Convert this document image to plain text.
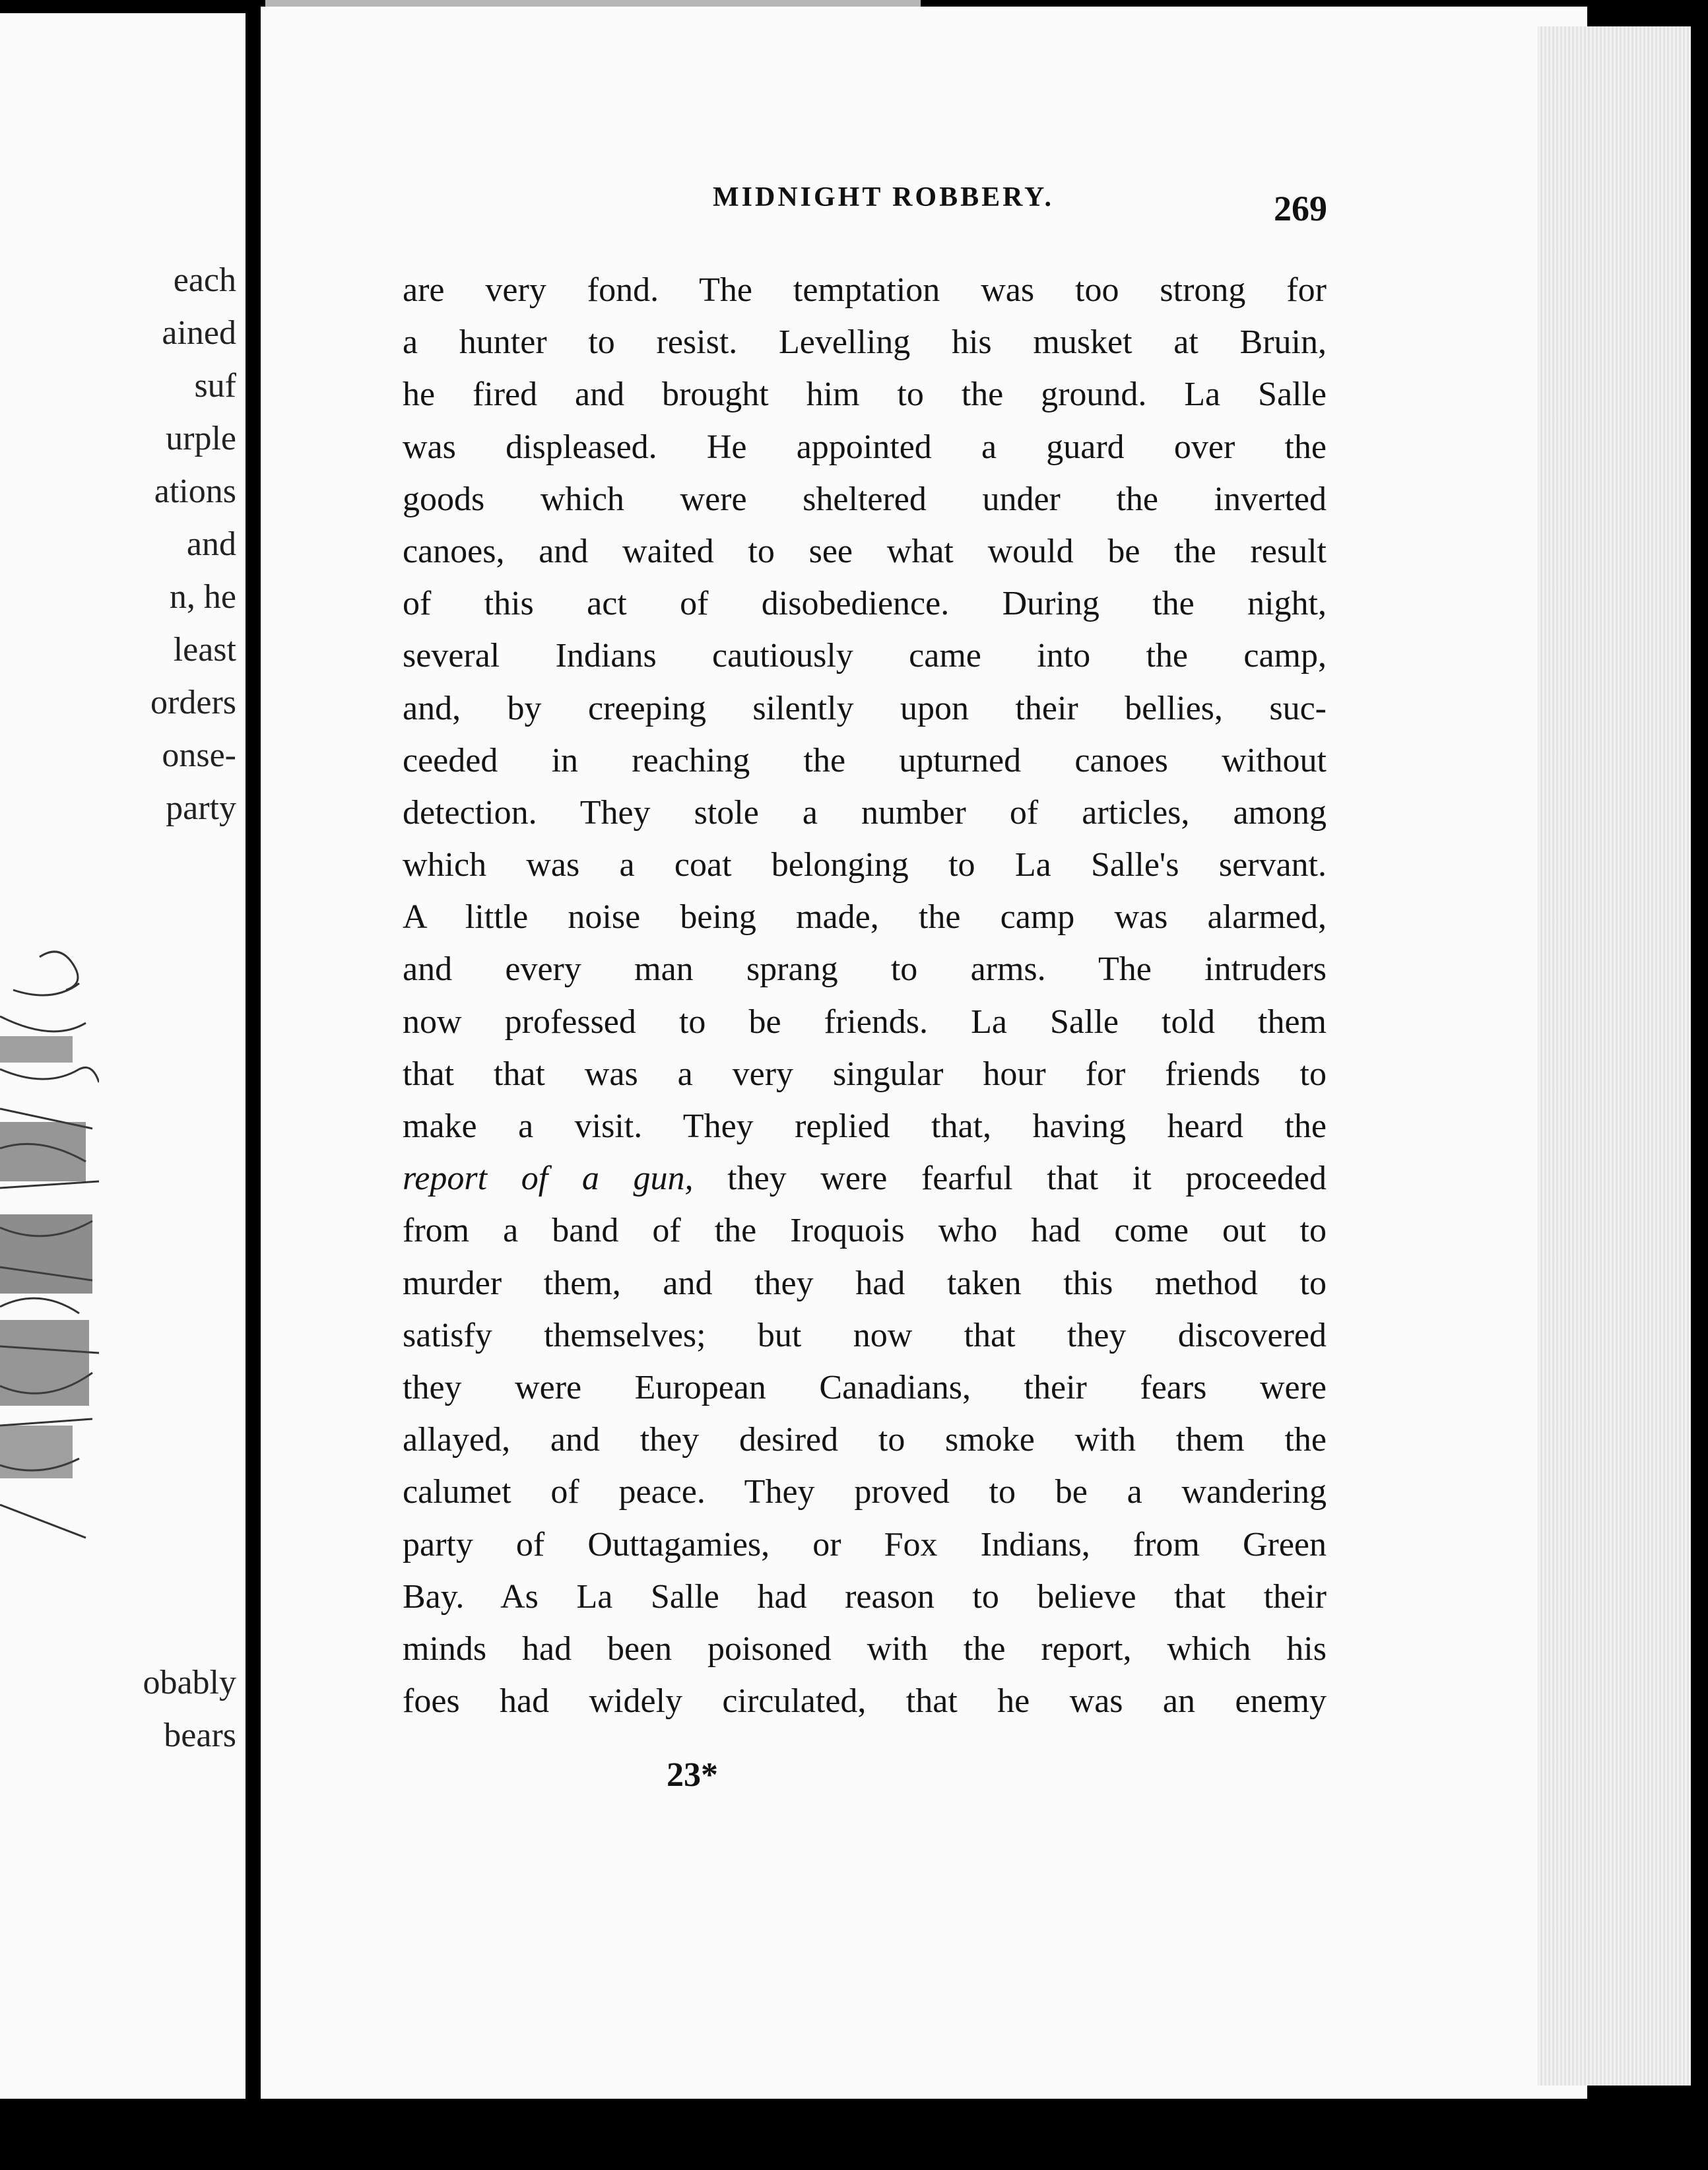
each
ained
suf
urple
ations
and
n, he
least
orders
onse-
party
obably
bears
MIDNIGHT ROBBERY.	269
are very fond. The temptation was too strong for
a hunter to resist. Levelling his musket at Bruin,
he fired and brought him to the ground. La Salle
was displeased. He appointed a guard over the
goods which were sheltered under the inverted
canoes, and waited to see what would be the result
of this act of disobedience. During the night,
several Indians cautiously came into the camp,
and, by creeping silently upon their bellies, suc-
ceeded in reaching the upturned canoes without
detection. They stole a number of articles, among
which was a coat belonging to La Salle's servant.
A little noise being made, the camp was alarmed,
and every man sprang to arms. The intruders
now professed to be friends. La Salle told them
that that was a very singular hour for friends to
make a visit. They replied that, having heard the
report of a gun, they were fearful that it proceeded
from a band of the Iroquois who had come out to
murder them, and they had taken this method to
satisfy themselves; but now that they discovered
they were European Canadians, their fears were
allayed, and they desired to smoke with them the
calumet of peace. They proved to be a wandering
party of Outtagamies, or Fox Indians, from Green
Bay. As La Salle had reason to believe that their
minds had been poisoned with the report, which his
foes had widely circulated, that he was an enemy
23*
